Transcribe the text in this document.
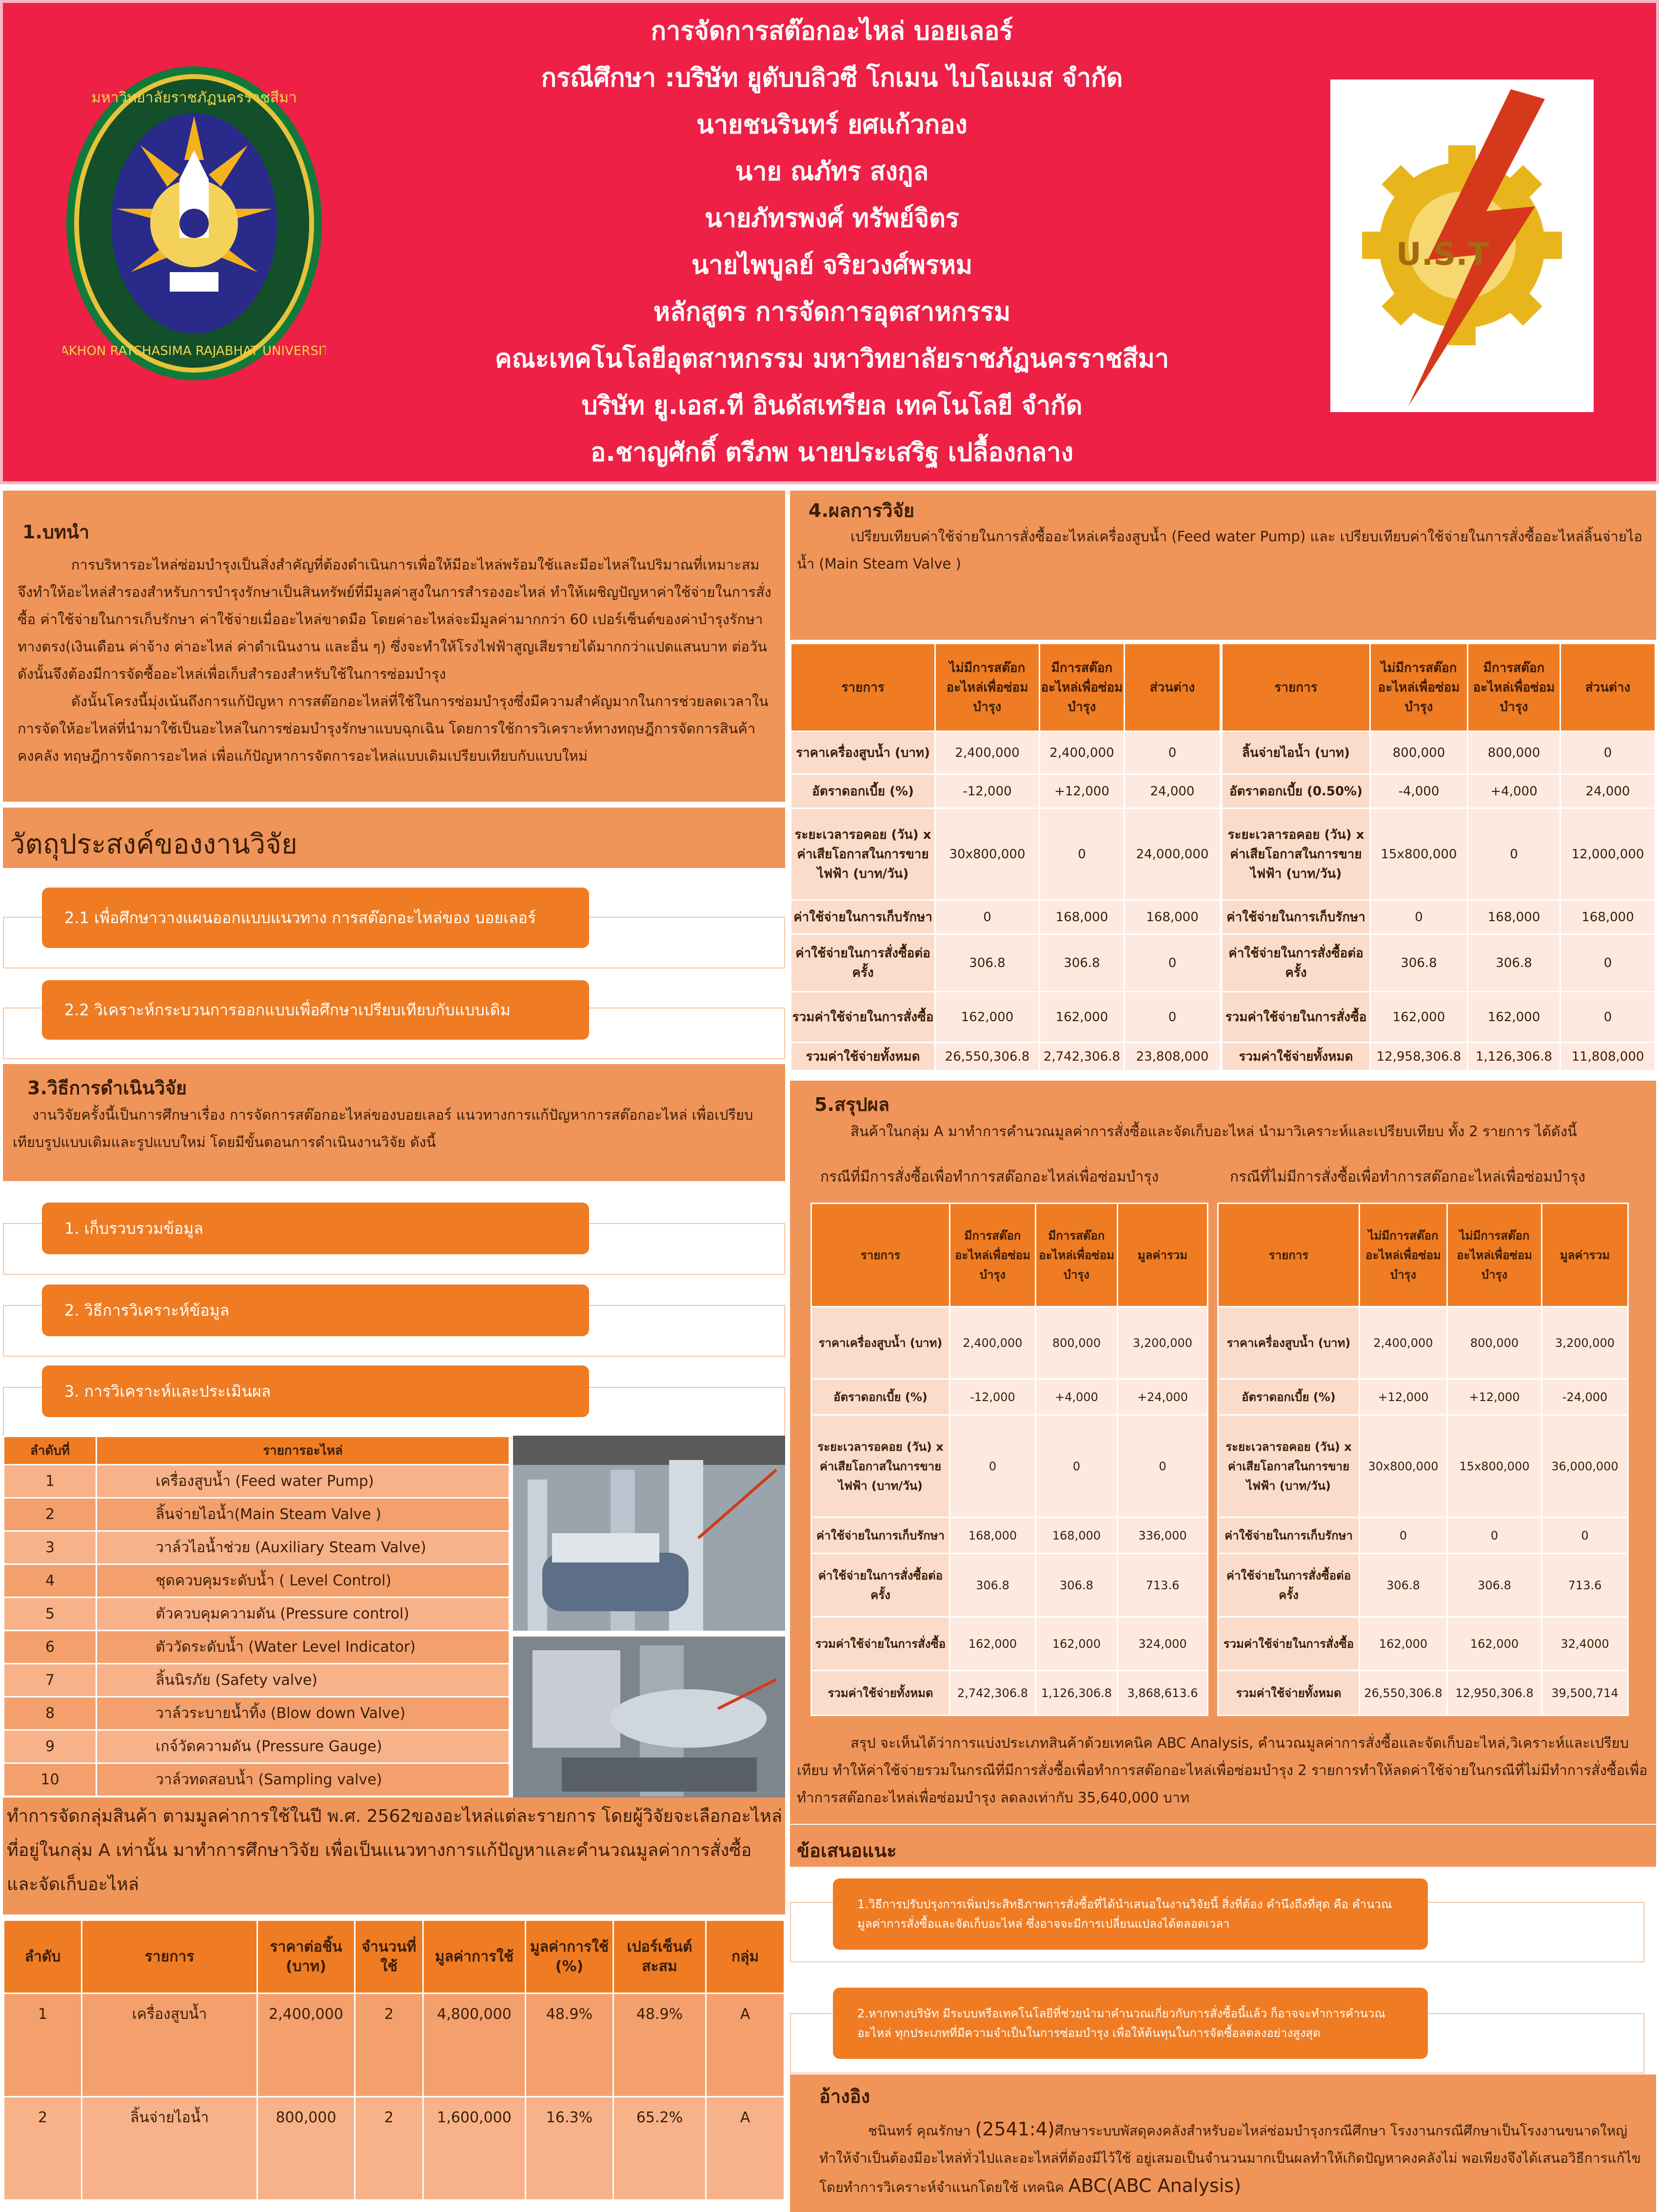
NAKHON RATCHASIMA RAJABHAT UNIVERSITY
มหาวิทยาลัยราชภัฏนครราชสีมา
การจัดการสต๊อกอะไหล่ บอยเลอร์
กรณีศึกษา :บริษัท ยูตับบลิวซี โกเมน ไบโอแมส จำกัด
นายชนรินทร์ ยศแก้วกอง
นาย ณภัทร สงกูล
นายภัทรพงศ์ ทรัพย์จิตร
นายไพบูลย์ จริยวงศ์พรหม
หลักสูตร การจัดการอุตสาหกรรม
คณะเทคโนโลยีอุตสาหกรรม มหาวิทยาลัยราชภัฏนครราชสีมา
บริษัท ยู.เอส.ที อินดัสเทรียล เทคโนโลยี จำกัด
อ.ชาญศักดิ์ ตรีภพ นายประเสริฐ เปลื้องกลาง
U.S.T
1.บทนำ

การบริหารอะไหล่ซ่อมบำรุงเป็นสิ่งสำคัญที่ต้องดำเนินการเพื่อให้มีอะไหล่พร้อมใช้และมีอะไหล่ในปริมาณที่เหมาะสม จึงทำให้อะไหล่สำรองสำหรับการบำรุงรักษาเป็นสินทรัพย์ที่มีมูลค่าสูงในการสำรองอะไหล่ ทำให้เผชิญปัญหาค่าใช้จ่ายในการสั่งซื้อ ค่าใช้จ่ายในการเก็บรักษา ค่าใช้จ่ายเมื่ออะไหล่ขาดมือ โดยค่าอะไหล่จะมีมูลค่ามากกว่า 60 เปอร์เซ็นต์ของค่าบำรุงรักษาทางตรง(เงินเดือน ค่าจ้าง ค่าอะไหล่ ค่าดำเนินงาน และอื่น ๆ) ซึ่งจะทำให้โรงไฟฟ้าสูญเสียรายได้มากกว่าแปดแสนบาท ต่อวัน ดังนั้นจึงต้องมีการจัดซื้ออะไหล่เพื่อเก็บสำรองสำหรับใช้ในการซ่อมบำรุง

ดังนั้นโครงนี้มุ่งเน้นถึงการแก้ปัญหา การสต๊อกอะไหล่ที่ใช้ในการซ่อมบำรุงซึ่งมีความสำคัญมากในการช่วยลดเวลาในการจัดให้อะไหล่ที่นำมาใช้เป็นอะไหล่ในการซ่อมบำรุงรักษาแบบฉุกเฉิน โดยการใช้การวิเคราะห์ทางทฤษฎีการจัดการสินค้าคงคลัง ทฤษฎีการจัดการอะไหล่ เพื่อแก้ปัญหาการจัดการอะไหล่แบบเดิมเปรียบเทียบกับแบบใหม่

วัตถุประสงค์ของงานวิจัย
2.1 เพื่อศึกษาวางแผนออกแบบแนวทาง การสต๊อกอะไหล่ของ บอยเลอร์
2.2 วิเคราะห์กระบวนการออกแบบเพื่อศึกษาเปรียบเทียบกับแบบเดิม
3.วิธีการดำเนินวิจัย

งานวิจัยครั้งนี้เป็นการศึกษาเรื่อง การจัดการสต๊อกอะไหล่ของบอยเลอร์ แนวทางการแก้ปัญหาการสต๊อกอะไหล่ เพื่อเปรียบเทียบรูปแบบเดิมและรูปแบบใหม่ โดยมีขั้นตอนการดำเนินงานวิจัย ดังนี้

1. เก็บรวบรวมข้อมูล
2. วิธีการวิเคราะห์ข้อมูล
3. การวิเคราะห์และประเมินผล
ลำดับที่	รายการอะไหล่
1	เครื่องสูบน้ำ (Feed water Pump)
2	ลิ้นจ่ายไอน้ำ(Main Steam Valve )
3	วาล์วไอน้ำช่วย (Auxiliary Steam Valve)
4	ชุดควบคุมระดับน้ำ ( Level Control)
5	ตัวควบคุมความดัน (Pressure control)
6	ตัววัดระดับน้ำ (Water Level Indicator)
7	ลิ้นนิรภัย (Safety valve)
8	วาล์วระบายน้ำทิ้ง (Blow down Valve)
9	เกจ์วัดความดัน (Pressure Gauge)
10	วาล์วทดสอบน้ำ (Sampling valve)
ทำการจัดกลุ่มสินค้า ตามมูลค่าการใช้ในปี พ.ศ. 2562ของอะไหล่แต่ละรายการ โดยผู้วิจัยจะเลือกอะไหล่ที่อยู่ในกลุ่ม A เท่านั้น มาทำการศึกษาวิจัย เพื่อเป็นแนวทางการแก้ปัญหาและคำนวณมูลค่าการสั่งซื้อและจัดเก็บอะไหล่
ลำดับ	รายการ	ราคาต่อชิ้น (บาท)	จำนวนที่ใช้	มูลค่าการใช้	มูลค่าการใช้ (%)	เปอร์เซ็นต์สะสม	กลุ่ม
1	เครื่องสูบน้ำ	2,400,000	2	4,800,000	48.9%	48.9%	A
2	ลิ้นจ่ายไอน้ำ	800,000	2	1,600,000	16.3%	65.2%	A
4.ผลการวิจัย

เปรียบเทียบค่าใช้จ่ายในการสั่งซื้ออะไหล่เครื่องสูบน้ำ (Feed water Pump) และ เปรียบเทียบค่าใช้จ่ายในการสั่งซื้ออะไหล่ลิ้นจ่ายไอน้ำ (Main Steam Valve )

รายการ	ไม่มีการสต๊อกอะไหล่เพื่อซ่อมบำรุง	มีการสต๊อกอะไหล่เพื่อซ่อมบำรุง	ส่วนต่าง
ราคาเครื่องสูบน้ำ (บาท)	2,400,000	2,400,000	0
อัตราดอกเบี้ย (%)	-12,000	+12,000	24,000
ระยะเวลารอคอย (วัน) x ค่าเสียโอกาสในการขายไฟฟ้า (บาท/วัน)	30x800,000	0	24,000,000
ค่าใช้จ่ายในการเก็บรักษา	0	168,000	168,000
ค่าใช้จ่ายในการสั่งซื้อต่อครั้ง	306.8	306.8	0
รวมค่าใช้จ่ายในการสั่งซื้อ	162,000	162,000	0
รวมค่าใช้จ่ายทั้งหมด	26,550,306.8	2,742,306.8	23,808,000
รายการ	ไม่มีการสต๊อกอะไหล่เพื่อซ่อมบำรุง	มีการสต๊อกอะไหล่เพื่อซ่อมบำรุง	ส่วนต่าง
ลิ้นจ่ายไอน้ำ (บาท)	800,000	800,000	0
อัตราดอกเบี้ย (0.50%)	-4,000	+4,000	24,000
ระยะเวลารอคอย (วัน) x ค่าเสียโอกาสในการขายไฟฟ้า (บาท/วัน)	15x800,000	0	12,000,000
ค่าใช้จ่ายในการเก็บรักษา	0	168,000	168,000
ค่าใช้จ่ายในการสั่งซื้อต่อครั้ง	306.8	306.8	0
รวมค่าใช้จ่ายในการสั่งซื้อ	162,000	162,000	0
รวมค่าใช้จ่ายทั้งหมด	12,958,306.8	1,126,306.8	11,808,000
5.สรุปผล

สินค้าในกลุ่ม A มาทำการคำนวณมูลค่าการสั่งซื้อและจัดเก็บอะไหล่ นำมาวิเคราะห์และเปรียบเทียบ ทั้ง 2 รายการ ได้ดังนี้

กรณีที่มีการสั่งซื้อเพื่อทำการสต๊อกอะไหล่เพื่อซ่อมบำรุง	กรณีที่ไม่มีการสั่งซื้อเพื่อทำการสต๊อกอะไหล่เพื่อซ่อมบำรุง

สรุป จะเห็นได้ว่าการแบ่งประเภทสินค้าด้วยเทคนิค ABC Analysis, คำนวณมูลค่าการสั่งซื้อและจัดเก็บอะไหล่,วิเคราะห์และเปรียบเทียบ ทำให้ค่าใช้จ่ายรวมในกรณีที่มีการสั่งซื้อเพื่อทำการสต๊อกอะไหล่เพื่อซ่อมบำรุง 2 รายการทำให้ลดค่าใช้จ่ายในกรณีที่ไม่มีทำการสั่งซื้อเพื่อทำการสต๊อกอะไหล่เพื่อซ่อมบำรุง ลดลงเท่ากับ 35,640,000 บาท

รายการ	มีการสต๊อกอะไหล่เพื่อซ่อมบำรุง	มีการสต๊อกอะไหล่เพื่อซ่อมบำรุง	มูลค่ารวม
ราคาเครื่องสูบน้ำ (บาท)	2,400,000	800,000	3,200,000
อัตราดอกเบี้ย (%)	-12,000	+4,000	+24,000
ระยะเวลารอคอย (วัน) x ค่าเสียโอกาสในการขายไฟฟ้า (บาท/วัน)	0	0	0
ค่าใช้จ่ายในการเก็บรักษา	168,000	168,000	336,000
ค่าใช้จ่ายในการสั่งซื้อต่อครั้ง	306.8	306.8	713.6
รวมค่าใช้จ่ายในการสั่งซื้อ	162,000	162,000	324,000
รวมค่าใช้จ่ายทั้งหมด	2,742,306.8	1,126,306.8	3,868,613.6
รายการ	ไม่มีการสต๊อกอะไหล่เพื่อซ่อมบำรุง	ไม่มีการสต๊อกอะไหล่เพื่อซ่อมบำรุง	มูลค่ารวม
ราคาเครื่องสูบน้ำ (บาท)	2,400,000	800,000	3,200,000
อัตราดอกเบี้ย (%)	+12,000	+12,000	-24,000
ระยะเวลารอคอย (วัน) x ค่าเสียโอกาสในการขายไฟฟ้า (บาท/วัน)	30x800,000	15x800,000	36,000,000
ค่าใช้จ่ายในการเก็บรักษา	0	0	0
ค่าใช้จ่ายในการสั่งซื้อต่อครั้ง	306.8	306.8	713.6
รวมค่าใช้จ่ายในการสั่งซื้อ	162,000	162,000	32,4000
รวมค่าใช้จ่ายทั้งหมด	26,550,306.8	12,950,306.8	39,500,714
ข้อเสนอแนะ
1.วิธีการปรับปรุงการเพิ่มประสิทธิภาพการสั่งซื้อที่ได้นำเสนอในงานวิจัยนี้ สิ่งที่ต้อง คำนึงถึงที่สุด คือ คำนวณมูลค่าการสั่งซื้อและจัดเก็บอะไหล่ ซึ่งอาจจะมีการเปลี่ยนแปลงได้ตลอดเวลา
2.หากทางบริษัท มีระบบหรือเทคโนโลยีที่ช่วยนำมาคำนวณเกี่ยวกับการสั่งซื้อนี้แล้ว ก็อาจจะทำการคำนวณอะไหล่ ทุกประเภทที่มีความจำเป็นในการซ่อมบำรุง เพื่อให้ต้นทุนในการจัดซื้อลดลงอย่างสูงสุด
อ้างอิง
ชนินทร์ คุณรักษา (2541:4)ศึกษาระบบพัสดุคงคลังสำหรับอะไหล่ซ่อมบำรุงกรณีศึกษา โรงงานกรณีศึกษาเป็นโรงงานขนาดใหญ่ทำให้จำเป็นต้องมีอะไหล่ทั่วไปและอะไหล่ที่ต้องมีไว้ใช้ อยู่เสมอเป็นจำนวนมากเป็นผลทำให้เกิดปัญหาคงคลังไม่ พอเพียงจึงได้เสนอวิธีการแก้ไขโดยทำการวิเคราะห์จำแนกโดยใช้ เทคนิค ABC(ABC Analysis)
